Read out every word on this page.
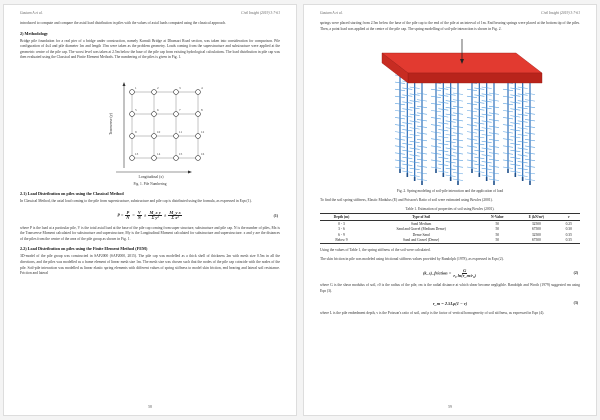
Gautam A et al.	Civil Insight (2019) 3:7-61

introduced to compute and compare the axial load distribution in piles with the values of axial loads computed using the classical approach.

2) Methodology

Bridge pile foundation for a real pier of a bridge under construction, namely Karnali Bridge at Dhansari Road section, was taken into consideration for comparison. Pile configuration of 4x4 and pile diameter 1m and length 15m were taken as the problem geometry. Loads coming from the superstructure and substructure were applied at the geometric centre of the pile cap. The worst level was taken at 2.5m below the base of the pile cap from existing hydrological calculations. The load distribution in pile cap was then evaluated using the Classical and Finite Element Methods. The numbering of the piles is given in Fig. 1.

1	2	3	4
5	6	7	8
9	10	11	12
13	14	15	16
Transverse (y)
Longitudinal (x)
Fig. 1. Pile Numbering
2.1) Load Distribution on piles using the Classical Method

In Classical Method, the axial load coming to the pile from superstructure, substructure and pile cap is distributed using the formula, as expressed in Eqn (1).

$P = \frac{P}{N} = \frac{V}{N} \pm \frac{\text{M\_x y}}{\text{Σ y²}} \pm \frac{\text{M\_y x}}{\text{Σ x²}}$	(1)

where P is the load at a particular pile, V is the total axial load at the base of the pile cap coming from super structure, substructure and pile cap. N is the number of piles, Mx is the Transverse Moment calculated for substructure and superstructure, My is the Longitudinal Moment calculated for substructure and superstructure. x and y are the distances of the piles from the centre of the area of the pile group as shown in Fig. 1.

2.2) Load Distribution on piles using the Finite Element Method (FEM)

3D-model of the pile group was constructed in SAP2000 (SAP2000, 2015). The pile cap was modelled as a thick shell of thickness 2m with mesh size 0.5m in all the directions, and the piles was modelled as a frame element of linear mesh size 1m. The mesh size was chosen such that the nodes of the pile cap coincide with the nodes of the pile. Soil-pile interaction was modelled as linear elastic spring elements with different values of spring stiffness to model skin friction, end bearing and lateral soil resistance. Friction and lateral

58
Gautam A et al.	Civil Insight (2019) 3:7-61

springs were placed starting from 2.5m below the base of the pile cap to the end of the pile at an interval of 1m. End bearing springs were placed at the bottom tip of the piles. Then, a point load was applied at the centre of the pile cap. The spring modelling of soil-pile interaction is shown in Fig. 2.

Fig. 2. Spring modeling of soil-pile interaction and the application of load

To find the soil spring stiffness, Elastic Modulus (E) and Poisson's Ratio of soil were estimated using Bowles (2001).

Table 1. Estimation of properties of soil using Bowles (2001).
Depth (m)	Type of Soil	N-Value	E (kN/m²)	ν
0 - 3	Sand Medium	50	32500	0.25
3 - 6	Sand and Gravel (Medium Dense)	50	67500	0.30
6 - 9	Dense Sand	50	32500	0.35
Below 9	Sand and Gravel (Dense)	50	67500	0.35

Using the values of Table 1, the spring stiffness of the soil were calculated.

The skin friction in pile was modeled using frictional stiffness values provided by Randolph (1978), as expressed in Eqn (2).

(k_s)_friction = $\frac{G}{\text{r₀ ln(r\_m/r₀)}}$	(2)

where G is the shear modulus of soil, r0 is the radius of the pile, rm is the radial distance at which shear become negligible. Randolph and Wroth (1979) suggested rm using Eqn (3).

r_m = 2.5Lρ(1 − ν)	(3)

where L is the pile embedment depth, ν is the Poisson's ratio of soil, and ρ is the factor of vertical homogeneity of soil stiffness, as expressed in Eqn (4).

59
